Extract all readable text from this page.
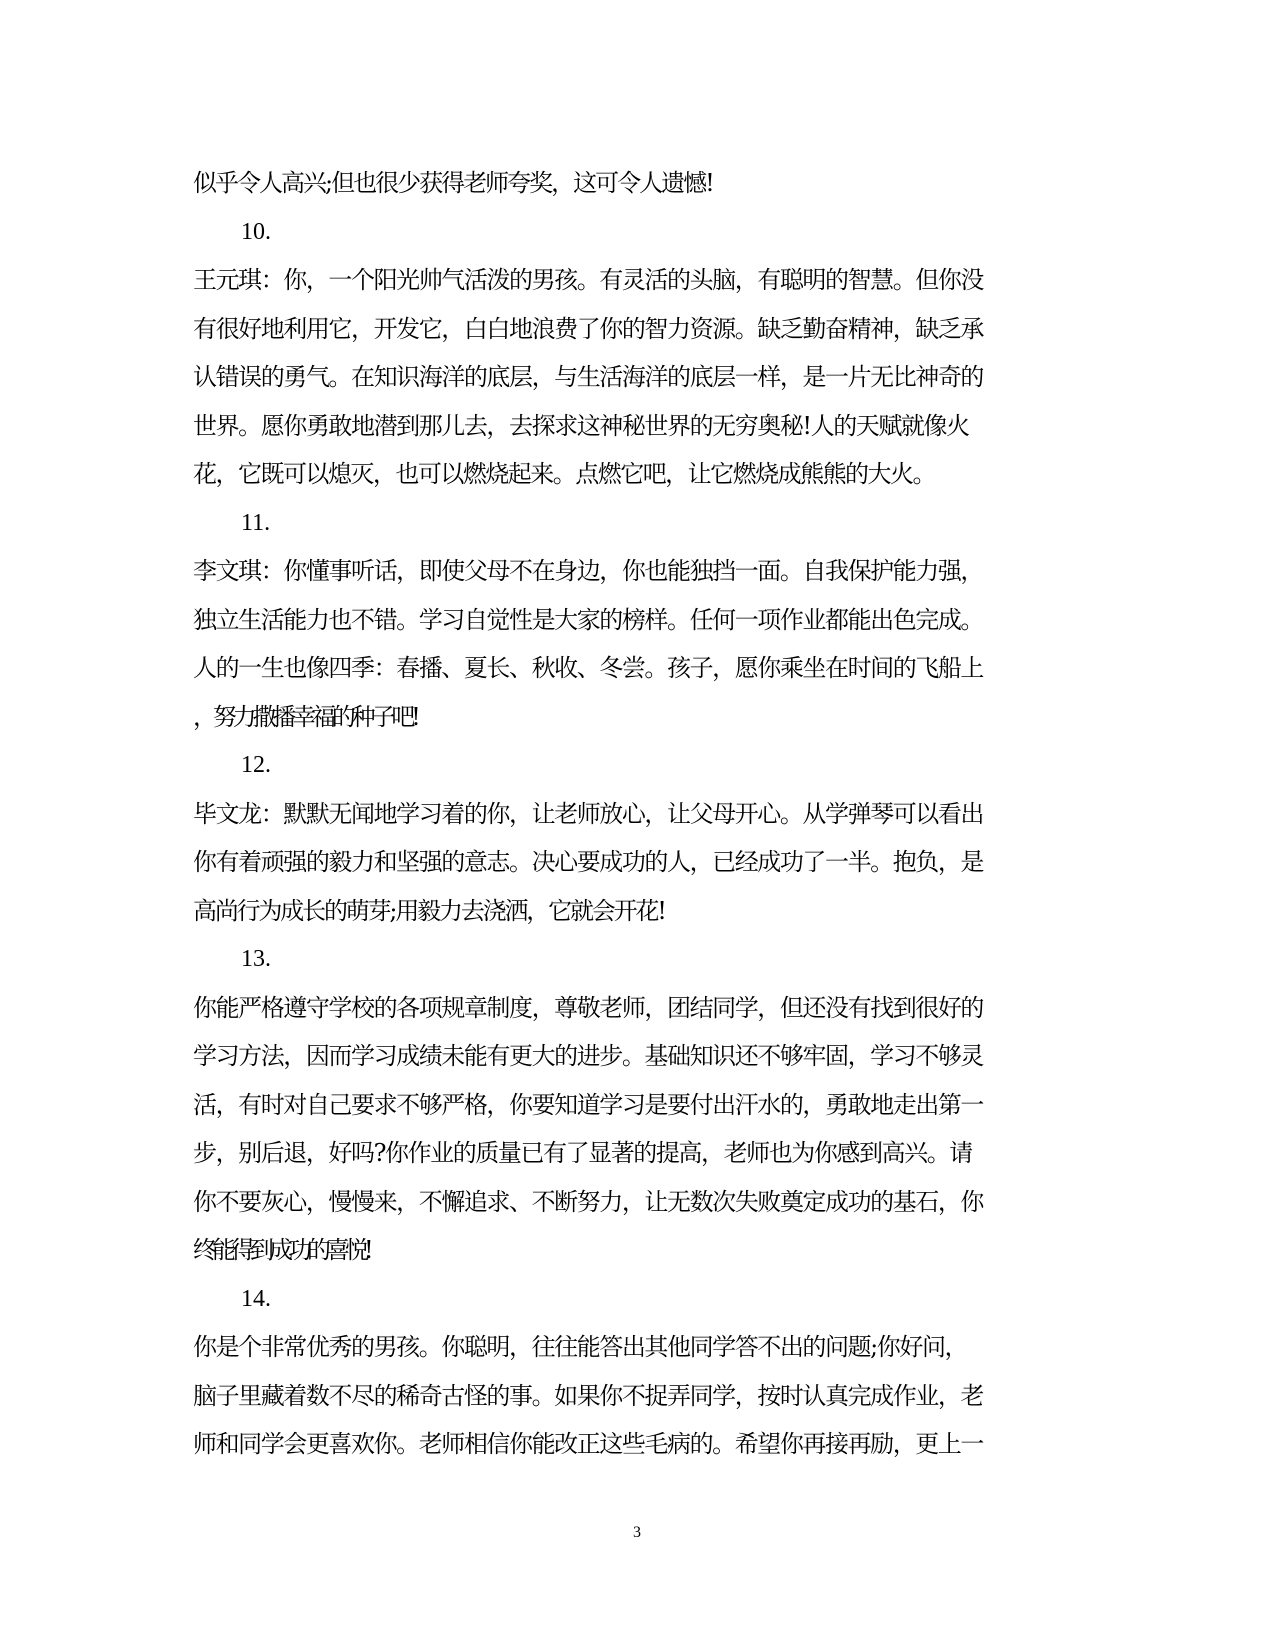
似乎令人高兴;但也很少获得老师夸奖，这可令人遗憾!
10.
王元琪：你，一个阳光帅气活泼的男孩。有灵活的头脑，有聪明的智慧。但你没
有很好地利用它，开发它，白白地浪费了你的智力资源。缺乏勤奋精神，缺乏承
认错误的勇气。在知识海洋的底层，与生活海洋的底层一样，是一片无比神奇的
世界。愿你勇敢地潜到那儿去，去探求这神秘世界的无穷奥秘!人的天赋就像火
花，它既可以熄灭，也可以燃烧起来。点燃它吧，让它燃烧成熊熊的大火。
11.
李文琪：你懂事听话，即使父母不在身边，你也能独挡一面。自我保护能力强，
独立生活能力也不错。学习自觉性是大家的榜样。任何一项作业都能出色完成。
人的一生也像四季：春播、夏长、秋收、冬尝。孩子，愿你乘坐在时间的飞船上
，努力撒播幸福的种子吧!
12.
毕文龙：默默无闻地学习着的你，让老师放心，让父母开心。从学弹琴可以看出
你有着顽强的毅力和坚强的意志。决心要成功的人，已经成功了一半。抱负，是
高尚行为成长的萌芽;用毅力去浇洒，它就会开花!
13.
你能严格遵守学校的各项规章制度，尊敬老师，团结同学，但还没有找到很好的
学习方法，因而学习成绩未能有更大的进步。基础知识还不够牢固，学习不够灵
活，有时对自己要求不够严格，你要知道学习是要付出汗水的，勇敢地走出第一
步，别后退，好吗?你作业的质量已有了显著的提高，老师也为你感到高兴。请
你不要灰心，慢慢来，不懈追求、不断努力，让无数次失败奠定成功的基石，你
终能得到成功的喜悦!
14.
你是个非常优秀的男孩。你聪明，往往能答出其他同学答不出的问题;你好问，
脑子里藏着数不尽的稀奇古怪的事。如果你不捉弄同学，按时认真完成作业，老
师和同学会更喜欢你。老师相信你能改正这些毛病的。希望你再接再励，更上一
3
